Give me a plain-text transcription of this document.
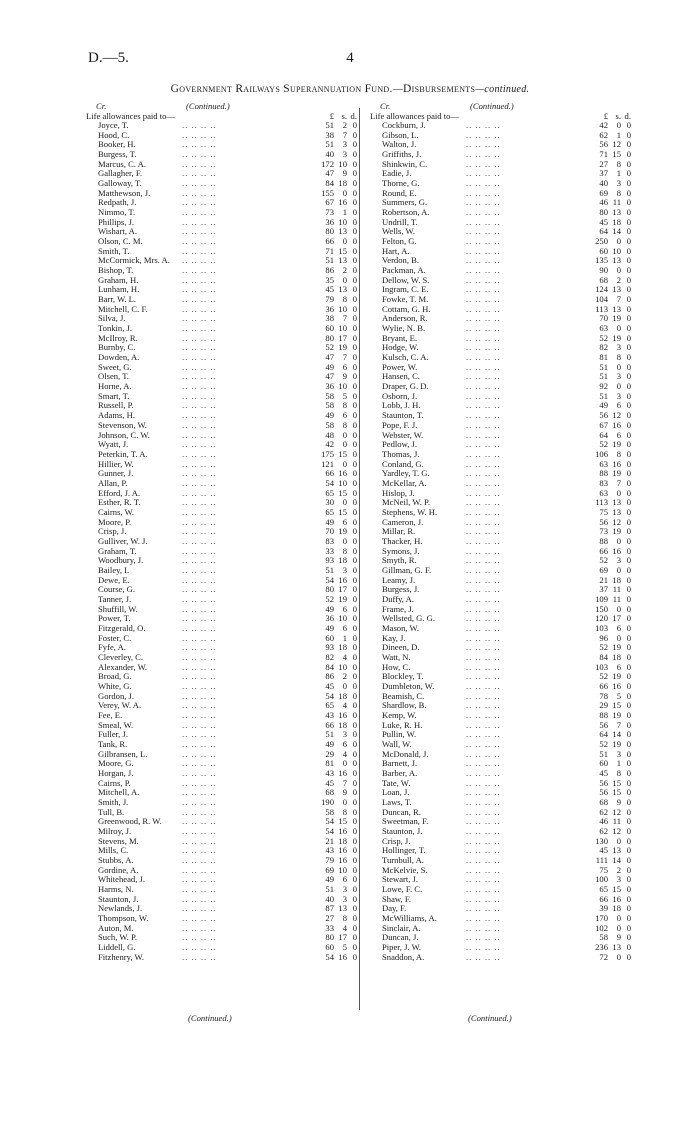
D.—5.	4
Government Railways Superannuation Fund.—Disbursements—continued.
Cr.	(Continued.)
Life allowances paid to—	£ s. d.
Joyce, T.	.. .. .. ..	51	2 0
Hood, C.	.. .. .. ..	38	7 0
Booker, H.	.. .. .. ..	51	3 0
Burgess, T.	.. .. .. ..	40	3 0
Marcus, C. A.	.. .. .. ..	172 10 0
Gallagher, F.	.. .. .. ..	47	9 0
Galloway, T.	.. .. .. ..	84 18 0
Matthewson, J.	.. .. .. ..	155	0 0
Redpath, J.	.. .. .. ..	67 16 0
Nimmo, T.	.. .. .. ..	73	1 0
Phillips, J.	.. .. .. ..	36 10 0
Wishart, A.	.. .. .. ..	80 13 0
Olson, C. M.	.. .. .. ..	66	0 0
Smith, T.	.. .. .. ..	71 15 0
McCormick, Mrs. A. .. .. .. ..	51 13 0
Bishop, T.	.. .. .. ..	86	2 0
Graham, H.	.. .. .. ..	35	0 0
Lunham, H.	.. .. .. ..	45 13 0
Barr, W. L.	.. .. .. ..	79	8 0
Mitchell, C. F.	.. .. .. ..	36 10 0
Silva, J.	.. .. .. ..	38	7 0
Tonkin, J.	.. .. .. ..	60 10 0
McIlroy, R.	.. .. .. ..	80 17 0
Burnby, C.	.. .. .. ..	52 19 0
Dowden, A.	.. .. .. ..	47	7 0
Sweet, G.	.. .. .. ..	49	6 0
Olsen, T.	.. .. .. ..	47	9 0
Horne, A.	.. .. .. ..	36 10 0
Smart, T.	.. .. .. ..	58	5 0
Russell, P.	.. .. .. ..	58	8 0
Adams, H.	.. .. .. ..	49	6 0
Stevenson, W.	.. .. .. ..	58	8 0
Johnson, C. W.	.. .. .. ..	48	0 0
Wyatt, J.	.. .. .. ..	42	0 0
Peterkin, T. A.	.. .. .. ..	175 15 0
Hillier, W.	.. .. .. ..	121	0 0
Gunner, J.	.. .. .. ..	66 16 0
Allan, P.	.. .. .. ..	54 10 0
Efford, J. A.	.. .. .. ..	65 15 0
Esther, R. T.	.. .. .. ..	30	0 0
Cairns, W.	.. .. .. ..	65 15 0
Moore, P.	.. .. .. ..	49	6 0
Crisp, J.	.. .. .. ..	70 19 0
Gulliver, W. J.	.. .. .. ..	83	0 0
Graham, T.	.. .. .. ..	33	8 0
Woodbury, J.	.. .. .. ..	93 18 0
Bailey, I.	.. .. .. ..	51	3 0
Dewe, E.	.. .. .. ..	54 16 0
Course, G.	.. .. .. ..	80 17 0
Tanner, J.	.. .. .. ..	52 19 0
Shuffill, W.	.. .. .. ..	49	6 0
Power, T.	.. .. .. ..	36 10 0
Fitzgerald, O.	.. .. .. ..	49	6 0
Foster, C.	.. .. .. ..	60	1 0
Fyfe, A.	.. .. .. ..	93 18 0
Cleverley, C.	.. .. .. ..	82	4 0
Alexander, W.	.. .. .. ..	84 10 0
Broad, G.	.. .. .. ..	86	2 0
White, G.	.. .. .. ..	45	0 0
Gordon, J.	.. .. .. ..	54 18 0
Verey, W. A.	.. .. .. ..	65	4 0
Fee, E.	.. .. .. ..	43 16 0
Smeal, W.	.. .. .. ..	66 18 0
Fuller, J.	.. .. .. ..	51	3 0
Tank, R.	.. .. .. ..	49	6 0
Gilbransen, L.	.. .. .. ..	29	4 0
Moore, G.	.. .. .. ..	81	0 0
Horgan, J.	.. .. .. ..	43 16 0
Cairns, P.	.. .. .. ..	45	7 0
Mitchell, A.	.. .. .. ..	68	9 0
Smith, J.	.. .. .. ..	190	0 0
Tull, B.	.. .. .. ..	58	8 0
Greenwood, R. W. .. .. .. ..	54 15 0
Milroy, J.	.. .. .. ..	54 16 0
Stevens, M.	.. .. .. ..	21 18 0
Mills, C.	.. .. .. ..	43 16 0
Stubbs, A.	.. .. .. ..	79 16 0
Gordine, A.	.. .. .. ..	69 10 0
Whitehead, J.	.. .. .. ..	49	6 0
Harms, N.	.. .. .. ..	51	3 0
Staunton, J.	.. .. .. ..	40	3 0
Newlands, J.	.. .. .. ..	87 13 0
Thompson, W.	.. .. .. ..	27	8 0
Auton, M.	.. .. .. ..	33	4 0
Such, W. P.	.. .. .. ..	80 17 0
Liddell, G.	.. .. .. ..	60	5 0
Fitzhenry, W.	.. .. .. ..	54 16 0
Cr.	(Continued.)
Life allowances paid to—	£ s. d.
Cockburn, J.	.. .. .. ..	42	0 0
Gibson, L.	.. .. .. ..	62	1 0
Walton, J.	.. .. .. ..	56 12 0
Griffiths, J.	.. .. .. ..	71 15 0
Shinkwin, C.	.. .. .. ..	27	8 0
Eadie, J.	.. .. .. ..	37	1 0
Thorne, G.	.. .. .. ..	40	3 0
Round, E.	.. .. .. ..	69	8 0
Summers, G.	.. .. .. ..	46 11 0
Robertson, A.	.. .. .. ..	80 13 0
Undrill, T.	.. .. .. ..	45 18 0
Wells, W.	.. .. .. ..	64 14 0
Felton, G.	.. .. .. ..	250	0 0
Hart, A.	.. .. .. ..	60 10 0
Verdon, B.	.. .. .. ..	135 13 0
Packman, A.	.. .. .. ..	90	0 0
Dellow, W. S.	.. .. .. ..	68	2 0
Ingram, C. E.	.. .. .. ..	124 13 0
Fowke, T. M.	.. .. .. ..	104	7 0
Cottam, G. H.	.. .. .. ..	113 13 0
Anderson, R.	.. .. .. ..	70 19 0
Wylie, N. B.	.. .. .. ..	63	0 0
Bryant, E.	.. .. .. ..	52 19 0
Hodge, W.	.. .. .. ..	82	3 0
Kulsch, C. A.	.. .. .. ..	81	8 0
Power, W.	.. .. .. ..	51	0 0
Hansen, C.	.. .. .. ..	51	3 0
Draper, G. D.	.. .. .. ..	92	0 0
Osborn, J.	.. .. .. ..	51	3 0
Lobb, J. H.	.. .. .. ..	49	6 0
Staunton, T.	.. .. .. ..	56 12 0
Pope, F. J.	.. .. .. ..	67 16 0
Webster, W.	.. .. .. ..	64	6 0
Pedlow, J.	.. .. .. ..	52 19 0
Thomas, J.	.. .. .. ..	106	8 0
Conland, G.	.. .. .. ..	63 16 0
Yardley, T. G.	.. .. .. ..	88 19 0
McKellar, A.	.. .. .. ..	83	7 0
Hislop, J.	.. .. .. ..	63	0 0
McNeil, W. P.	.. .. .. ..	113 13 0
Stephens, W. H.	.. .. .. ..	75 13 0
Cameron, J.	.. .. .. ..	56 12 0
Millar, R.	.. .. .. ..	73 19 0
Thacker, H.	.. .. .. ..	88	0 0
Symons, J.	.. .. .. ..	66 16 0
Smyth, R.	.. .. .. ..	52	3 0
Gillman, G. F.	.. .. .. ..	69	0 0
Leamy, J.	.. .. .. ..	21 18 0
Burgess, J.	.. .. .. ..	37 11 0
Duffy, A.	.. .. .. ..	109 11 0
Frame, J.	.. .. .. ..	150	0 0
Wellsted, G. G.	.. .. .. ..	120 17 0
Mason, W.	.. .. .. ..	103	6 0
Kay, J.	.. .. .. ..	96	0 0
Dineen, D.	.. .. .. ..	52 19 0
Watt, N.	.. .. .. ..	84 18 0
How, C.	.. .. .. ..	103	6 0
Blockley, T.	.. .. .. ..	52 19 0
Dumbleton, W.	.. .. .. ..	66 16 0
Beamish, C.	.. .. .. ..	78	5 0
Shardlow, B.	.. .. .. ..	29 15 0
Kemp, W.	.. .. .. ..	88 19 0
Luke, R. H.	.. .. .. ..	56	7 0
Pullin, W.	.. .. .. ..	64 14 0
Wall, W.	.. .. .. ..	52 19 0
McDonald, J.	.. .. .. ..	51	3 0
Barnett, J.	.. .. .. ..	60	1 0
Barber, A.	.. .. .. ..	45	8 0
Tate, W.	.. .. .. ..	56 15 0
Loan, J.	.. .. .. ..	56 15 0
Laws, T.	.. .. .. ..	68	9 0
Duncan, R.	.. .. .. ..	62 12 0
Sweetman, F.	.. .. .. ..	46 11 0
Staunton, J.	.. .. .. ..	62 12 0
Crisp, J.	.. .. .. ..	130	0 0
Hollinger, T.	.. .. .. ..	45 13 0
Turnbull, A.	.. .. .. ..	111 14 0
McKelvie, S.	.. .. .. ..	75	2 0
Stewart, J.	.. .. .. ..	100	3 0
Lowe, F. C.	.. .. .. ..	65 15 0
Shaw, F.	.. .. .. ..	66 16 0
Day, F.	.. .. .. ..	39 18 0
McWilliams, A.	.. .. .. ..	170	0 0
Sinclair, A.	.. .. .. ..	102	0 0
Duncan, J.	.. .. .. ..	58	9 0
Piper, J. W.	.. .. .. ..	236 13 0
Snaddon, A.	.. .. .. ..	72	0 0
(Continued.)	(Continued.)
